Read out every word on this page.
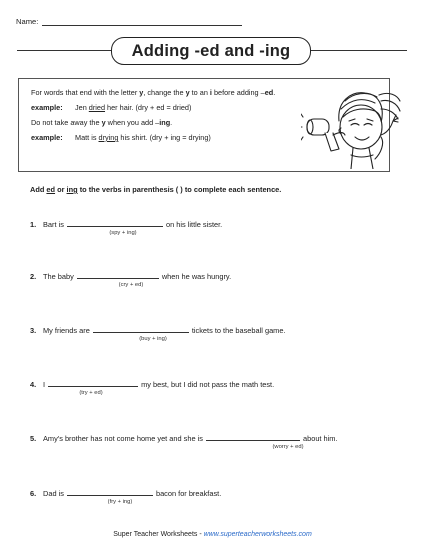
Name:
Adding -ed and -ing

For words that end with the letter y, change the y to an i before adding –ed.

example: Jen dried her hair. (dry + ed = dried)

Do not take away the y when you add –ing.

example: Matt is drying his shirt. (dry + ing = drying)

Add ed or ing to the verbs in parenthesis ( ) to complete each sentence.
1. Bart is	on his little sister.
(spy + ing)
2. The baby	when he was hungry.
(cry + ed)
3. My friends are	tickets to the baseball game.
(buy + ing)
4. I	my best, but I did not pass the math test.
(try + ed)
5. Amy's brother has not come home yet and she is	about him.
(worry + ed)
6. Dad is	bacon for breakfast.
(fry + ing)
Super Teacher Worksheets - www.superteacherworksheets.com
